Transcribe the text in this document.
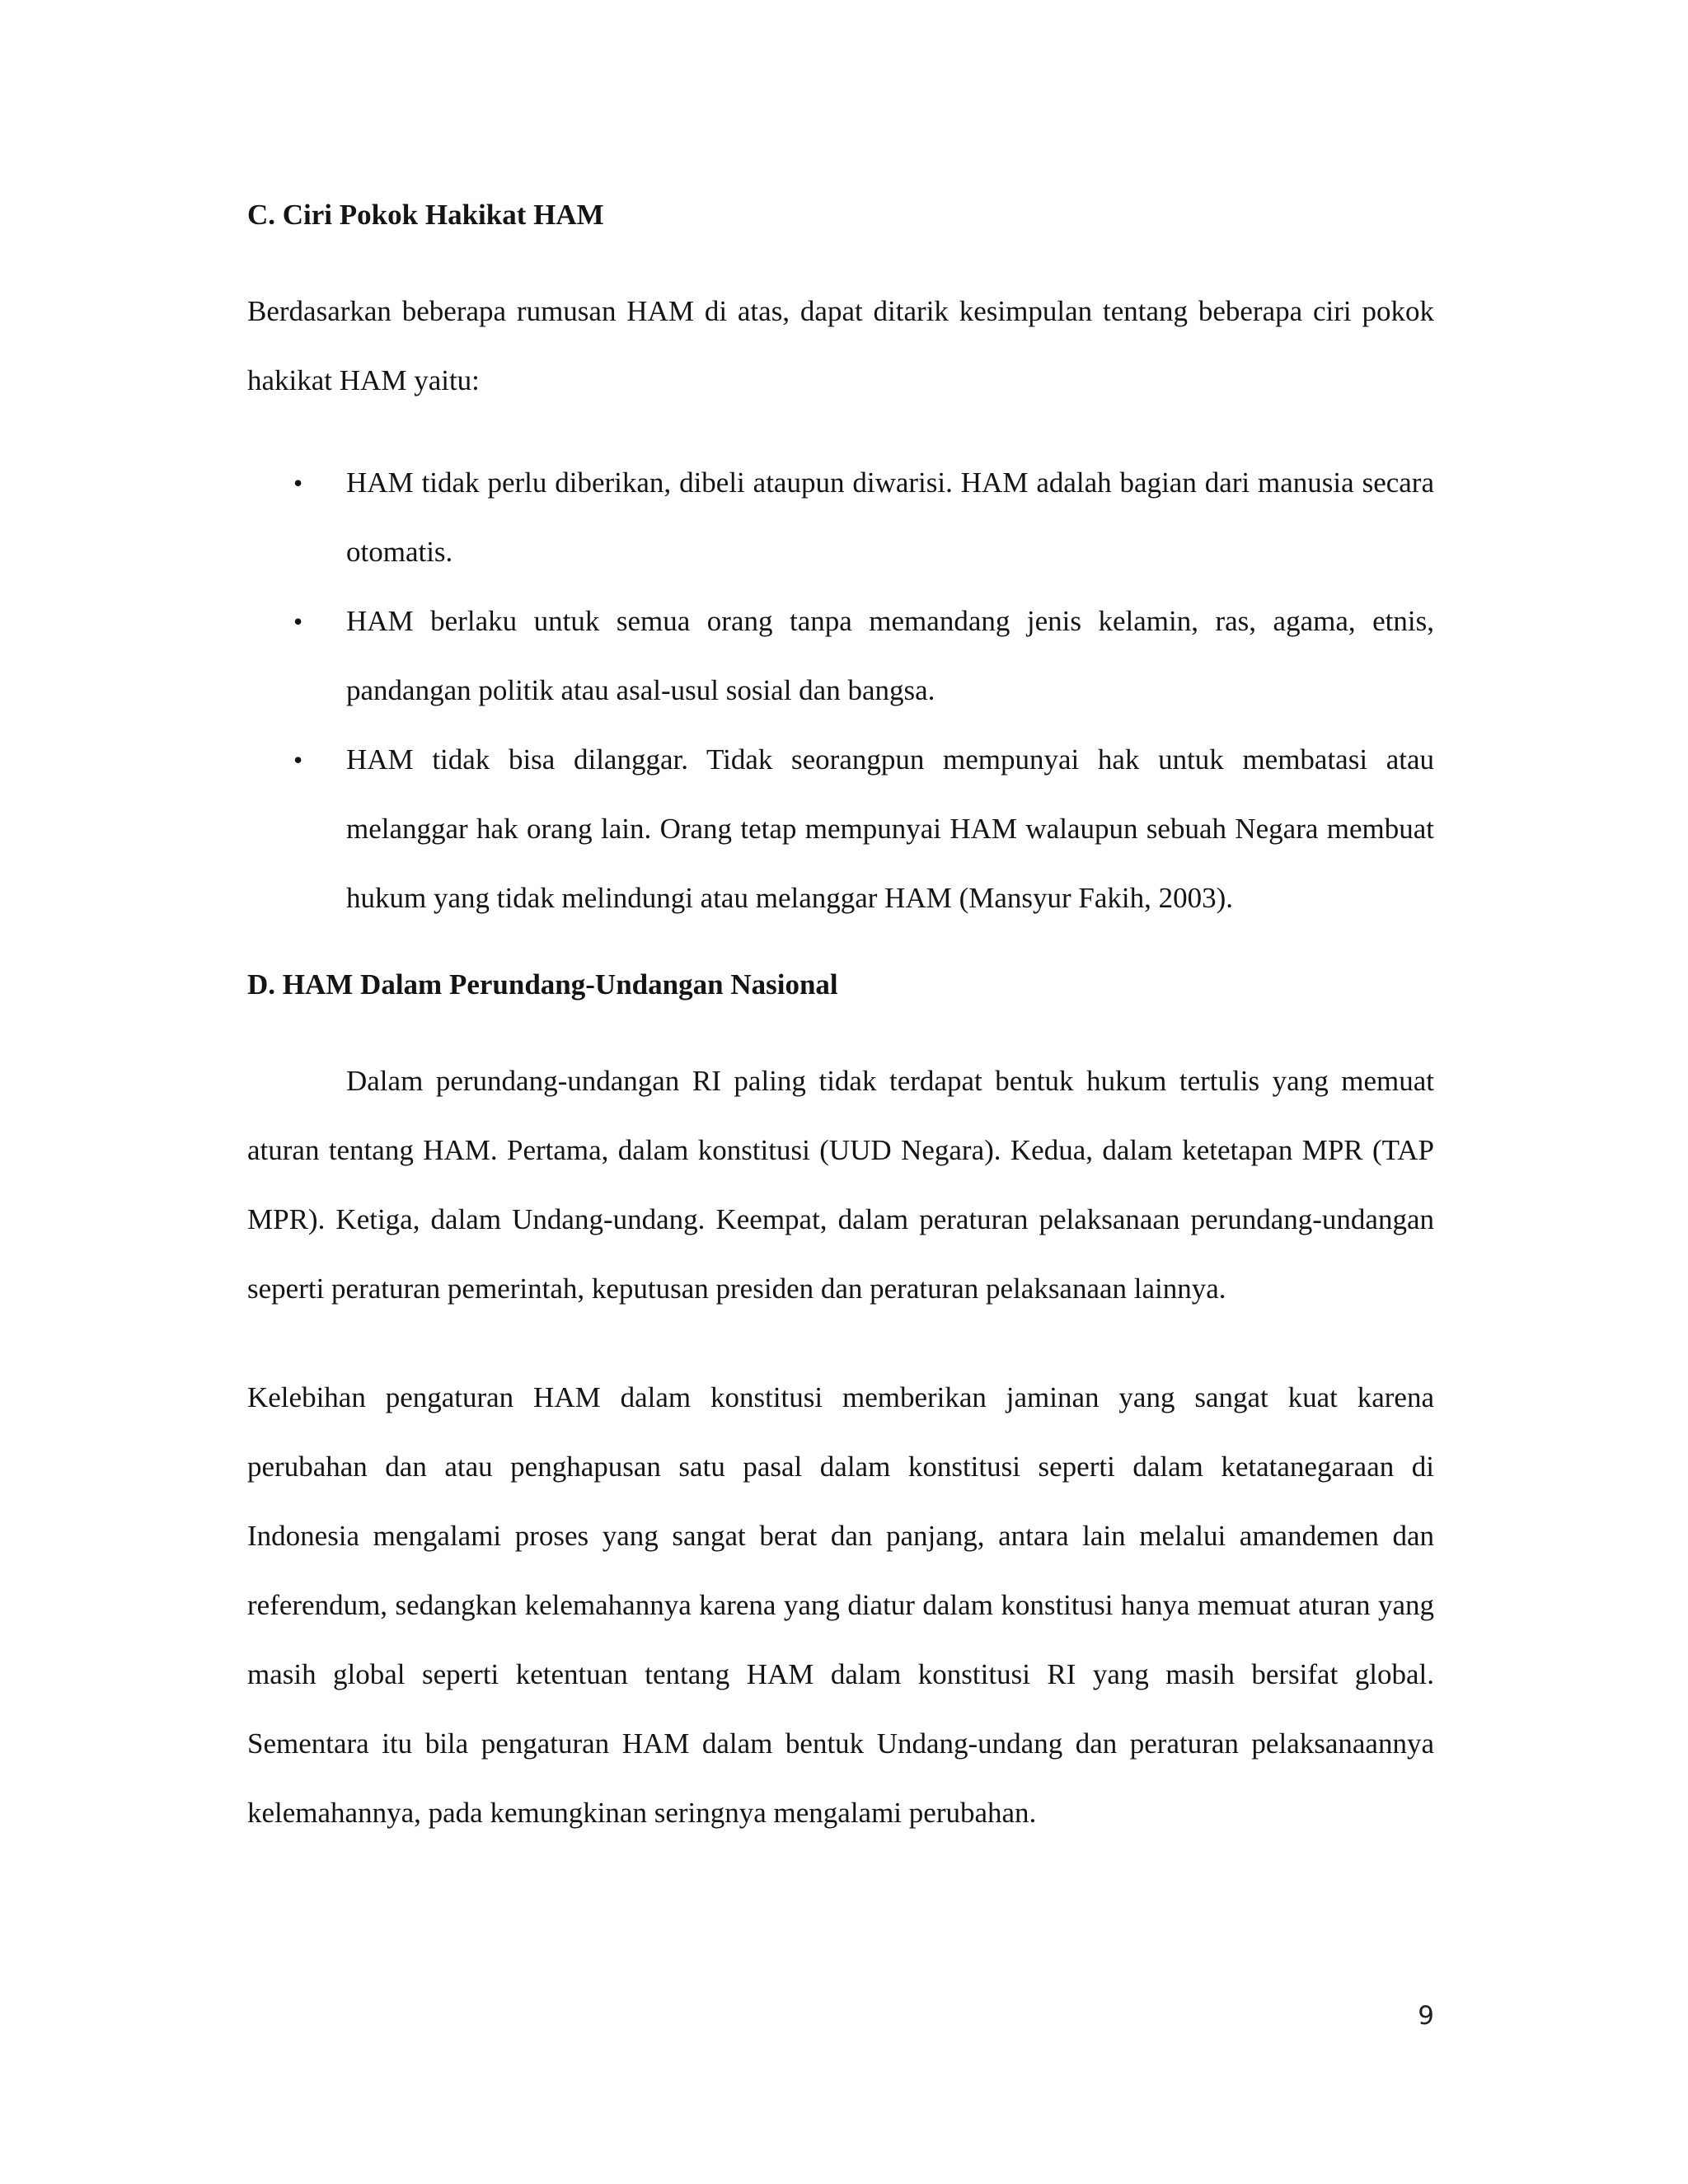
C. Ciri Pokok Hakikat HAM

Berdasarkan beberapa rumusan HAM di atas, dapat ditarik kesimpulan tentang beberapa ciri pokok hakikat HAM yaitu:

• HAM tidak perlu diberikan, dibeli ataupun diwarisi. HAM adalah bagian dari manusia secara otomatis.
• HAM berlaku untuk semua orang tanpa memandang jenis kelamin, ras, agama, etnis, pandangan politik atau asal-usul sosial dan bangsa.
• HAM tidak bisa dilanggar. Tidak seorangpun mempunyai hak untuk membatasi atau melanggar hak orang lain. Orang tetap mempunyai HAM walaupun sebuah Negara membuat hukum yang tidak melindungi atau melanggar HAM (Mansyur Fakih, 2003).
D. HAM Dalam Perundang-Undangan Nasional

Dalam perundang-undangan RI paling tidak terdapat bentuk hukum tertulis yang memuat aturan tentang HAM. Pertama, dalam konstitusi (UUD Negara). Kedua, dalam ketetapan MPR (TAP MPR). Ketiga, dalam Undang-undang. Keempat, dalam peraturan pelaksanaan perundang-undangan seperti peraturan pemerintah, keputusan presiden dan peraturan pelaksanaan lainnya.

Kelebihan pengaturan HAM dalam konstitusi memberikan jaminan yang sangat kuat karena perubahan dan atau penghapusan satu pasal dalam konstitusi seperti dalam ketatanegaraan di Indonesia mengalami proses yang sangat berat dan panjang, antara lain melalui amandemen dan referendum, sedangkan kelemahannya karena yang diatur dalam konstitusi hanya memuat aturan yang masih global seperti ketentuan tentang HAM dalam konstitusi RI yang masih bersifat global. Sementara itu bila pengaturan HAM dalam bentuk Undang-undang dan peraturan pelaksanaannya kelemahannya, pada kemungkinan seringnya mengalami perubahan.

9
